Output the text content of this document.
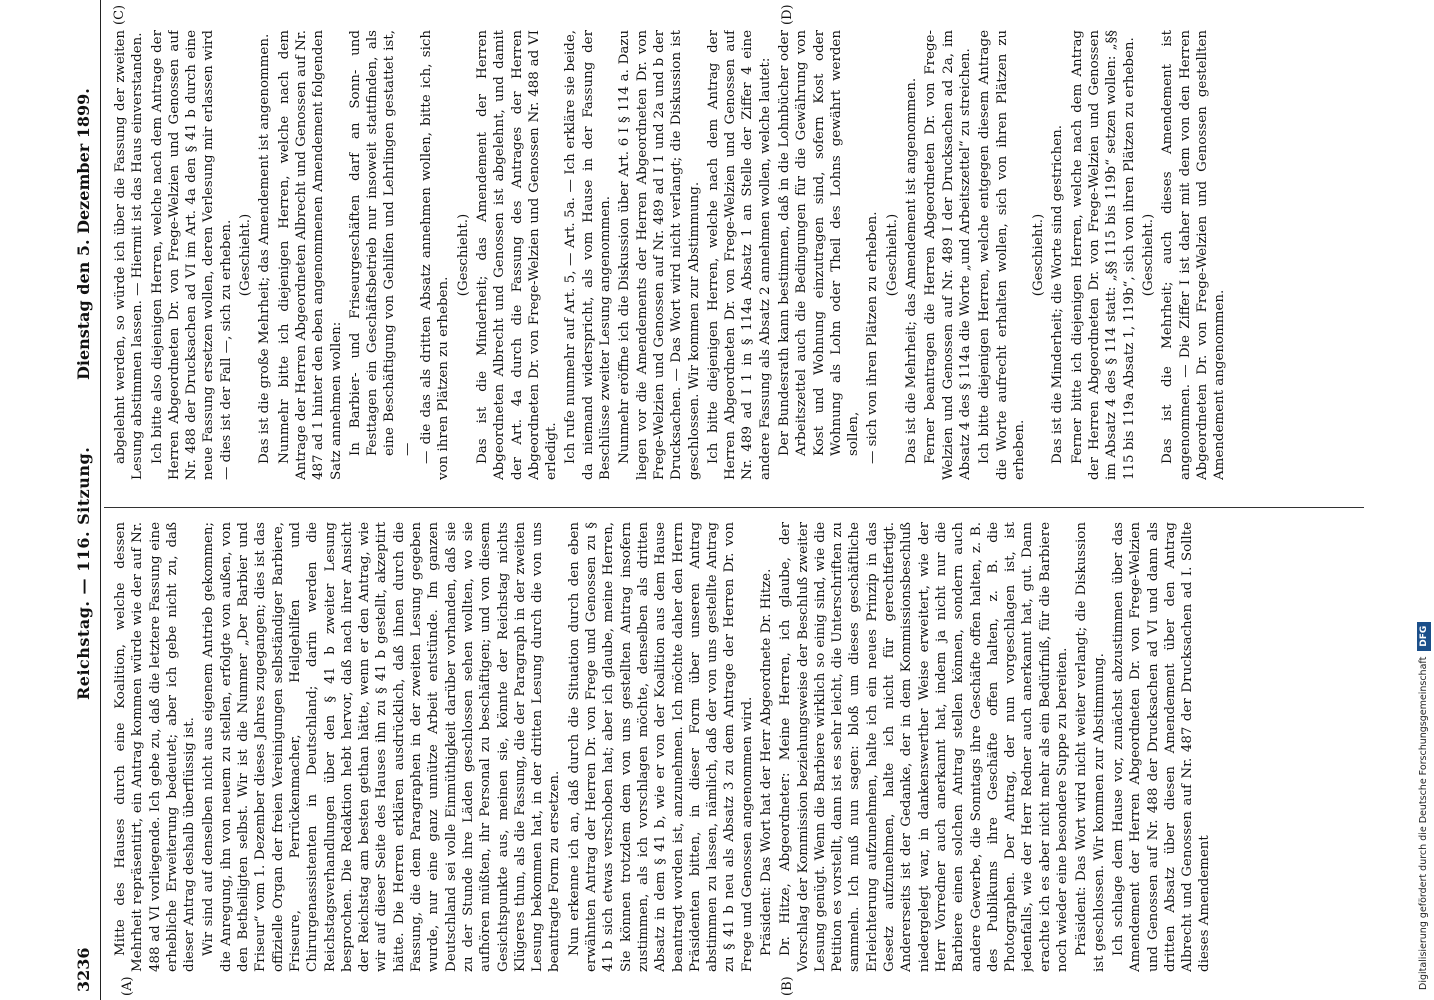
3236
Reichstag. — 116. Sitzung.
Dienstag den 5. Dezember 1899.
(A)	(B)
(C)	(D)

Mitte des Hauses durch eine Koalition, welche dessen Mehrheit repräsentirt, ein Antrag kommen würde wie der auf Nr. 488 ad VI vorliegende. Ich gebe zu, daß die letztere Fassung eine erhebliche Erweiterung bedeutet; aber ich gebe nicht zu, daß dieser Antrag deshalb überflüssig ist. Wir sind auf denselben nicht aus eigenem Antrieb gekommen; die Anregung, ihn von neuem zu stellen, erfolgte von außen, von den Betheiligten selbst. Wir ist die Nummer „Der Barbier und Friseur“ vom 1. Dezember dieses Jahres zugegangen; dies ist das offizielle Organ der freien Vereinigungen selbständiger Barbiere, Friseure, Perrückenmacher, Heilgehilfen und Chirurgenassistenten in Deutschland; darin werden die Reichstagsverhandlungen über den § 41 b zweiter Lesung besprochen. Die Redaktion hebt hervor, daß nach ihrer Ansicht der Reichstag am besten gethan hätte, wenn er den Antrag, wie wir auf dieser Seite des Hauses ihn zu § 41 b gestellt, akzeptirt hätte. Die Herren erklären ausdrücklich, daß ihnen durch die Fassung, die dem Paragraphen in der zweiten Lesung gegeben wurde, nur eine ganz unnütze Arbeit entstünde. Im ganzen Deutschland sei volle Einmüthigkeit darüber vorhanden, daß sie zu der Stunde ihre Läden geschlossen sehen wollten, wo sie aufhören müßten, ihr Personal zu beschäftigen; und von diesem Gesichtspunkte aus, meinen sie, könnte der Reichstag nichts Klügeres thun, als die Fassung, die der Paragraph in der zweiten Lesung bekommen hat, in der dritten Lesung durch die von uns beantragte Form zu ersetzen. Nun erkenne ich an, daß durch die Situation durch den eben erwähnten Antrag der Herren Dr. von Frege und Genossen zu § 41 b sich etwas verschoben hat; aber ich glaube, meine Herren, Sie können trotzdem dem von uns gestellten Antrag insofern zustimmen, als ich vorschlagen möchte, denselben als dritten Absatz in dem § 41 b, wie er von der Koalition aus dem Hause beantragt worden ist, anzunehmen. Ich möchte daher den Herrn Präsidenten bitten, in dieser Form über unseren Antrag abstimmen zu lassen, nämlich, daß der von uns gestellte Antrag zu § 41 b neu als Absatz 3 zu dem Antrage der Herren Dr. von Frege und Genossen angenommen wird. Präsident: Das Wort hat der Herr Abgeordnete Dr. Hitze. Dr. Hitze, Abgeordneter: Meine Herren, ich glaube, der Vorschlag der Kommission beziehungsweise der Beschluß zweiter Lesung genügt. Wenn die Barbiere wirklich so einig sind, wie die Petition es vorstellt, dann ist es sehr leicht, die Unterschriften zu sammeln. Ich muß nun sagen: bloß um dieses geschäftliche Erleichterung aufzunehmen, halte ich ein neues Prinzip in das Gesetz aufzunehmen, halte ich nicht für gerechtfertigt. Andererseits ist der Gedanke, der in dem Kommissionsbeschluß niedergelegt war, in dankenswerther Weise erweitert, wie der Herr Vorredner auch anerkannt hat, indem ja nicht nur die Barbiere einen solchen Antrag stellen können, sondern auch andere Gewerbe, die Sonntags ihre Geschäfte offen halten, z. B. des Publikums ihre Geschäfte offen halten, z. B. die Photographen. Der Antrag, der nun vorgeschlagen ist, ist jedenfalls, wie der Herr Redner auch anerkannt hat, gut. Dann erachte ich es aber nicht mehr als ein Bedürfniß, für die Barbiere noch wieder eine besondere Suppe zu bereiten. Präsident: Das Wort wird nicht weiter verlangt; die Diskussion ist geschlossen. Wir kommen zur Abstimmung. Ich schlage dem Hause vor, zunächst abzustimmen über das Amendement der Herren Abgeordneten Dr. von Frege-Welzien und Genossen auf Nr. 488 der Drucksachen ad VI und dann als dritten Absatz über diesen Amendement über den Antrag Albrecht und Genossen auf Nr. 487 der Drucksachen ad I. Sollte dieses Amendement

abgelehnt werden, so würde ich über die Fassung der zweiten Lesung abstimmen lassen. — Hiermit ist das Haus einverstanden. Ich bitte also diejenigen Herren, welche nach dem Antrage der Herren Abgeordneten Dr. von Frege-Welzien und Genossen auf Nr. 488 der Drucksachen ad VI im Art. 4a den § 41 b durch eine neue Fassung ersetzen wollen, deren Verlesung mir erlassen wird — dies ist der Fall —, sich zu erheben. (Geschieht.) Das ist die große Mehrheit; das Amendement ist angenommen. Nunmehr bitte ich diejenigen Herren, welche nach dem Antrage der Herren Abgeordneten Albrecht und Genossen auf Nr. 487 ad 1 hinter den eben angenommenen Amendement folgenden Satz annehmen wollen: In Barbier- und Friseurgeschäften darf an Sonn- und Festtagen ein Geschäftsbetrieb nur insoweit stattfinden, als eine Beschäftigung von Gehilfen und Lehrlingen gestattet ist, — — die das als dritten Absatz annehmen wollen, bitte ich, sich von ihren Plätzen zu erheben.

(Geschieht.) Das ist die Minderheit; das Amendement der Herren Abgeordneten Albrecht und Genossen ist abgelehnt, und damit der Art. 4a durch die Fassung des Antrages der Herren Abgeordneten Dr. von Frege-Welzien und Genossen Nr. 488 ad VI erledigt. Ich rufe nunmehr auf Art. 5, — Art. 5a. — Ich erkläre sie beide, da niemand widerspricht, als vom Hause in der Fassung der Beschlüsse zweiter Lesung angenommen. Nunmehr eröffne ich die Diskussion über Art. 6 I § 114 a. Dazu liegen vor die Amendements der Herren Abgeordneten Dr. von Frege-Welzien und Genossen auf Nr. 489 ad I 1 und 2a und b der Drucksachen. — Das Wort wird nicht verlangt; die Diskussion ist geschlossen. Wir kommen zur Abstimmung. Ich bitte diejenigen Herren, welche nach dem Antrag der Herren Abgeordneten Dr. von Frege-Welzien und Genossen auf Nr. 489 ad I 1 in § 114a Absatz 1 an Stelle der Ziffer 4 eine andere Fassung als Absatz 2 annehmen wollen, welche lautet: Der Bundesrath kann bestimmen, daß in die Lohnbücher oder Arbeitszettel auch die Bedingungen für die Gewährung von Kost und Wohnung einzutragen sind, sofern Kost oder Wohnung als Lohn oder Theil des Lohns gewährt werden sollen, — sich von ihren Plätzen zu erheben. (Geschieht.) Das ist die Mehrheit; das Amendement ist angenommen. Ferner beantragen die Herren Abgeordneten Dr. von Frege-Welzien und Genossen auf Nr. 489 I der Drucksachen ad 2a, im Absatz 4 des § 114a die Worte „und Arbeitszettel“ zu streichen. Ich bitte diejenigen Herren, welche entgegen diesem Antrage die Worte aufrecht erhalten wollen, sich von ihren Plätzen zu erheben.

(Geschieht.) Das ist die Minderheit; die Worte sind gestrichen. Ferner bitte ich diejenigen Herren, welche nach dem Antrag der Herren Abgeordneten Dr. von Frege-Welzien und Genossen im Absatz 4 des § 114 statt: „§§ 115 bis 119b“ setzen wollen: „§§ 115 bis 119a Absatz 1, 119b“, sich von ihren Plätzen zu erheben. (Geschieht.) Das ist die Mehrheit; auch dieses Amendement ist angenommen. — Die Ziffer I ist daher mit dem von den Herren Abgeordneten Dr. von Frege-Welzien und Genossen gestellten Amendement angenommen.

Digitalisierung gefördert durch die Deutsche ForschungsgemeinschaftDFG
